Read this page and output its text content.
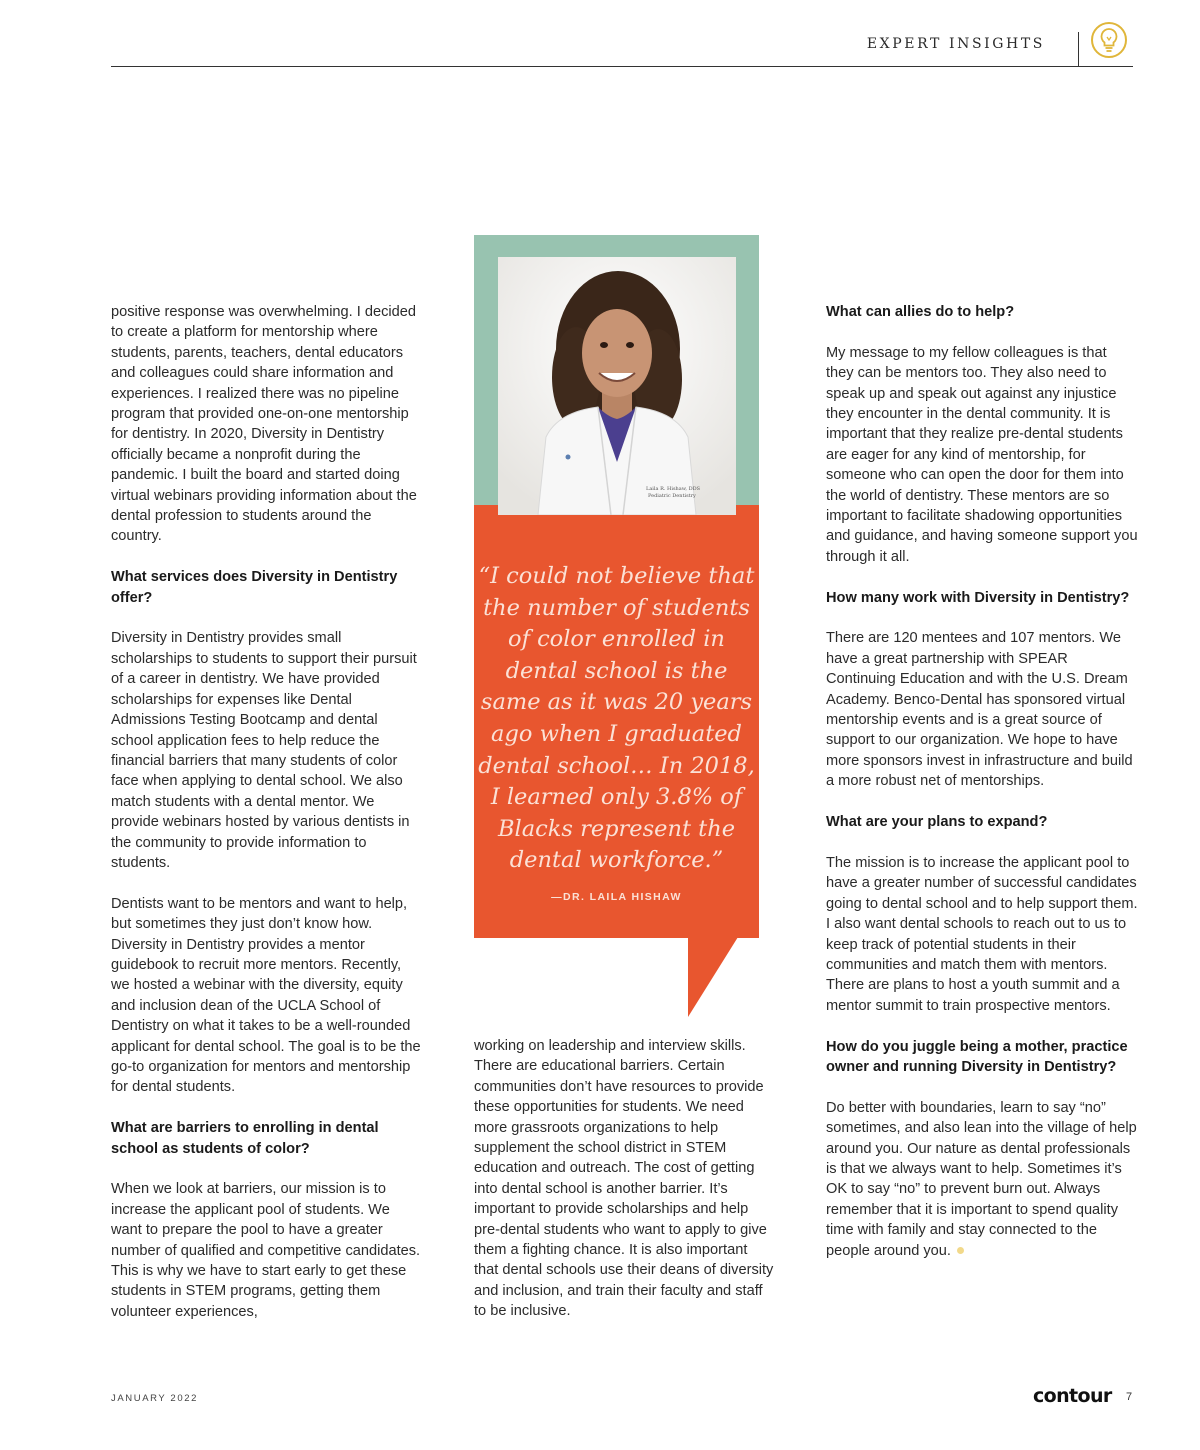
EXPERT INSIGHTS

positive response was overwhelming. I decided to create a platform for mentorship where students, parents, teachers, dental educators and colleagues could share information and experiences. I realized there was no pipeline program that provided one-on-one mentorship for dentistry. In 2020, Diversity in Dentistry officially became a nonprofit during the pandemic. I built the board and started doing virtual webinars providing information about the dental profession to students around the country.

What services does Diversity in Dentistry offer?

Diversity in Dentistry provides small scholarships to students to support their pursuit of a career in dentistry. We have provided scholarships for expenses like Dental Admissions Testing Bootcamp and dental school application fees to help reduce the financial barriers that many students of color face when applying to dental school. We also match students with a dental mentor. We provide webinars hosted by various dentists in the community to provide information to students.

Dentists want to be mentors and want to help, but sometimes they just don’t know how. Diversity in Dentistry provides a mentor guidebook to recruit more mentors. Recently, we hosted a webinar with the diversity, equity and inclusion dean of the UCLA School of Dentistry on what it takes to be a well-rounded applicant for dental school. The goal is to be the go-to organization for mentors and mentorship for dental students.

What are barriers to enrolling in dental school as students of color?

When we look at barriers, our mission is to increase the applicant pool of students. We want to prepare the pool to have a greater number of qualified and competitive candidates. This is why we have to start early to get these students in STEM programs, getting them volunteer experiences,

Laila R. Hishaw, DDS
Pediatric Dentistry
“I could not believe that the number of students of color enrolled in dental school is the same as it was 20 years ago when I graduated dental school… In 2018, I learned only 3.8% of Blacks represent the dental workforce.”
—DR. LAILA HISHAW

working on leadership and interview skills. There are educational barriers. Certain communities don’t have resources to provide these opportunities for students. We need more grassroots organizations to help supplement the school district in STEM education and outreach. The cost of getting into dental school is another barrier. It’s important to provide scholarships and help pre-dental students who want to apply to give them a fighting chance. It is also important that dental schools use their deans of diversity and inclusion, and train their faculty and staff to be inclusive.

What can allies do to help?

My message to my fellow colleagues is that they can be mentors too. They also need to speak up and speak out against any injustice they encounter in the dental community. It is important that they realize pre-dental students are eager for any kind of mentorship, for someone who can open the door for them into the world of dentistry. These mentors are so important to facilitate shadowing opportunities and guidance, and having someone support you through it all.

How many work with Diversity in Dentistry?

There are 120 mentees and 107 mentors. We have a great partnership with SPEAR Continuing Education and with the U.S. Dream Academy. Benco-Dental has sponsored virtual mentorship events and is a great source of support to our organization. We hope to have more sponsors invest in infrastructure and build a more robust net of mentorships.

What are your plans to expand?

The mission is to increase the applicant pool to have a greater number of successful candidates going to dental school and to help support them. I also want dental schools to reach out to us to keep track of potential students in their communities and match them with mentors. There are plans to host a youth summit and a mentor summit to train prospective mentors.

How do you juggle being a mother, practice owner and running Diversity in Dentistry?

Do better with boundaries, learn to say “no” sometimes, and also lean into the village of help around you. Our nature as dental professionals is that we always want to help. Sometimes it’s OK to say “no” to prevent burn out. Always remember that it is important to spend quality time with family and stay connected to the people around you.

JANUARY 2022	contour 7
